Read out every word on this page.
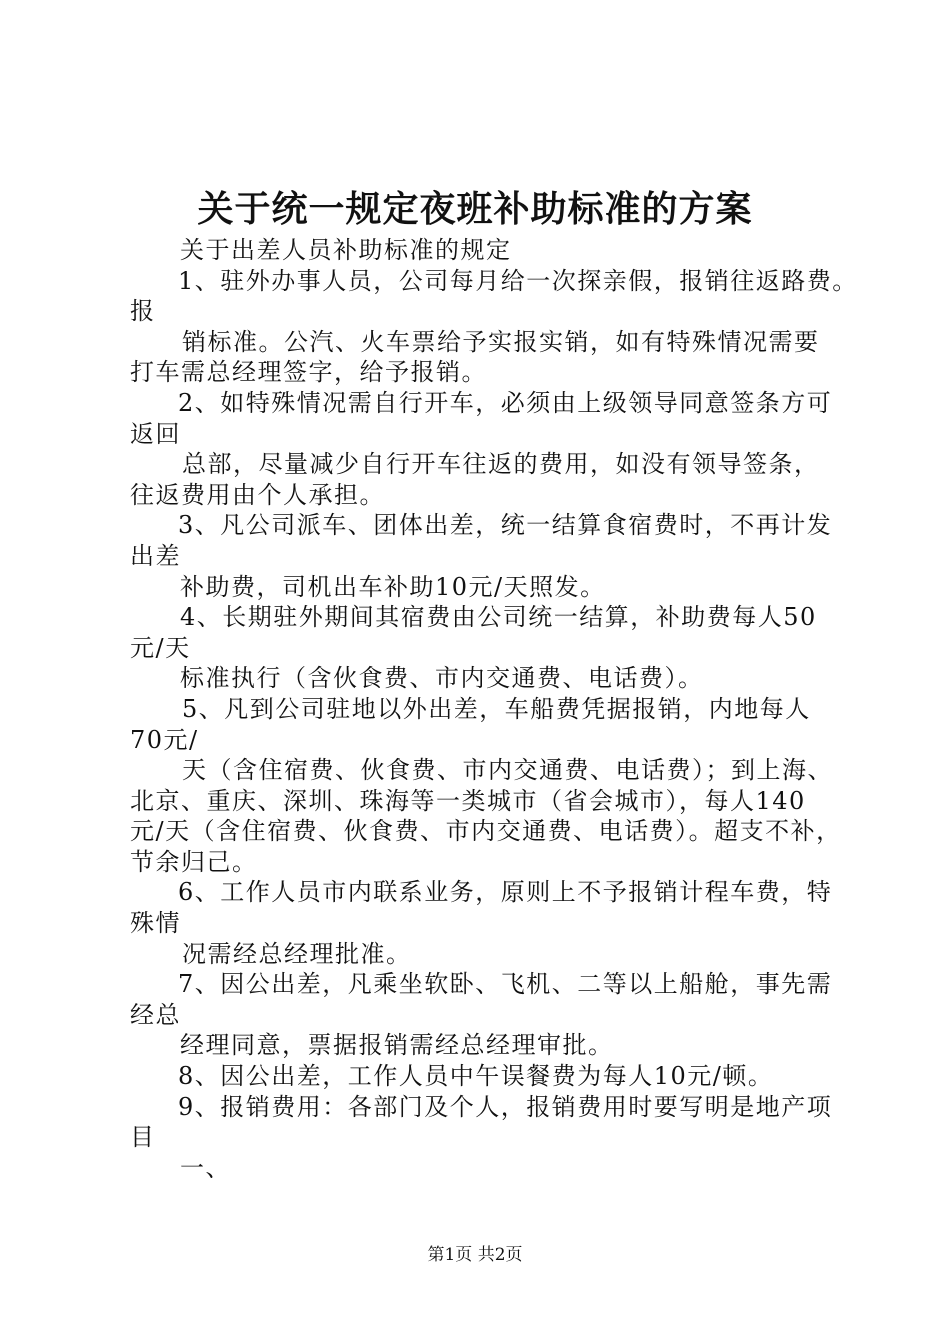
关于统一规定夜班补助标准的方案
关于出差人员补助标准的规定
1、驻外办事人员，公司每月给一次探亲假，报销往返路费。
报
销标准。公汽、火车票给予实报实销，如有特殊情况需要
打车需总经理签字，给予报销。
2、如特殊情况需自行开车，必须由上级领导同意签条方可
返回
总部，尽量减少自行开车往返的费用，如没有领导签条，
往返费用由个人承担。
3、凡公司派车、团体出差，统一结算食宿费时，不再计发
出差
补助费，司机出车补助10元/天照发。
4、长期驻外期间其宿费由公司统一结算，补助费每人50
元/天
标准执行（含伙食费、市内交通费、电话费）。
5、凡到公司驻地以外出差，车船费凭据报销，内地每人
70元/
天（含住宿费、伙食费、市内交通费、电话费）；到上海、
北京、重庆、深圳、珠海等一类城市（省会城市），每人140
元/天（含住宿费、伙食费、市内交通费、电话费）。超支不补，
节余归己。
6、工作人员市内联系业务，原则上不予报销计程车费，特
殊情
况需经总经理批准。
7、因公出差，凡乘坐软卧、飞机、二等以上船舱，事先需
经总
经理同意，票据报销需经总经理审批。
8、因公出差，工作人员中午误餐费为每人10元/顿。
9、报销费用：各部门及个人，报销费用时要写明是地产项
目
一、
第1页 共2页
